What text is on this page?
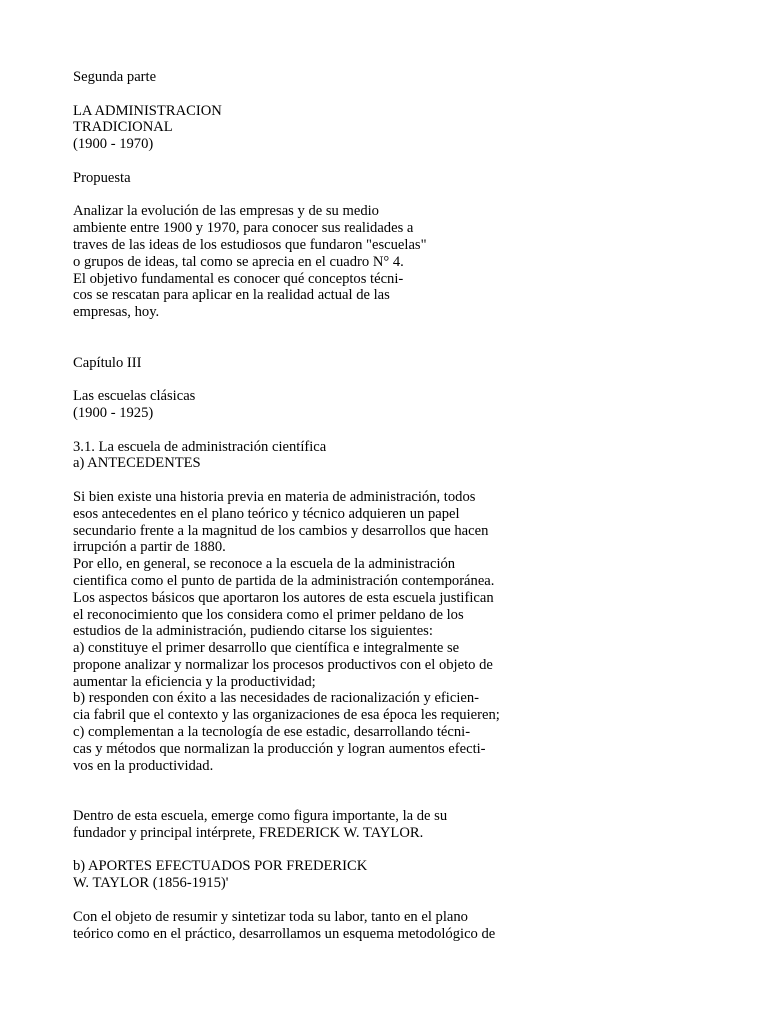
Segunda parte

LA ADMINISTRACION
TRADICIONAL
(1900 - 1970)

Propuesta

Analizar la evolución de las empresas y de su medio
ambiente entre 1900 y 1970, para conocer sus realidades a
traves de las ideas de los estudiosos que fundaron "escuelas"
o grupos de ideas, tal como se aprecia en el cuadro N° 4.
El objetivo fundamental es conocer qué conceptos técni-
cos se rescatan para aplicar en la realidad actual de las
empresas, hoy.

Capítulo III

Las escuelas clásicas
(1900 - 1925)

3.1. La escuela de administración científica
a) ANTECEDENTES

Si bien existe una historia previa en materia de administración, todos
esos antecedentes en el plano teórico y técnico adquieren un papel
secundario frente a la magnitud de los cambios y desarrollos que hacen
irrupción a partir de 1880.
Por ello, en general, se reconoce a la escuela de la administración
cientifica como el punto de partida de la administración contemporánea.
Los aspectos básicos que aportaron los autores de esta escuela justifican
el reconocimiento que los considera como el primer peldano de los
estudios de la administración, pudiendo citarse los siguientes:
a) constituye el primer desarrollo que científica e integralmente se
propone analizar y normalizar los procesos productivos con el objeto de
aumentar la eficiencia y la productividad;
b) responden con éxito a las necesidades de racionalización y eficien-
cia fabril que el contexto y las organizaciones de esa época les requieren;
c) complementan a la tecnología de ese estadic, desarrollando técni-
cas y métodos que normalizan la producción y logran aumentos efecti-
vos en la productividad.

Dentro de esta escuela, emerge como figura importante, la de su
fundador y principal intérprete, FREDERICK W. TAYLOR.

b) APORTES EFECTUADOS POR FREDERICK
W. TAYLOR (1856-1915)'

Con el objeto de resumir y sintetizar toda su labor, tanto en el plano
teórico como en el práctico, desarrollamos un esquema metodológico de
